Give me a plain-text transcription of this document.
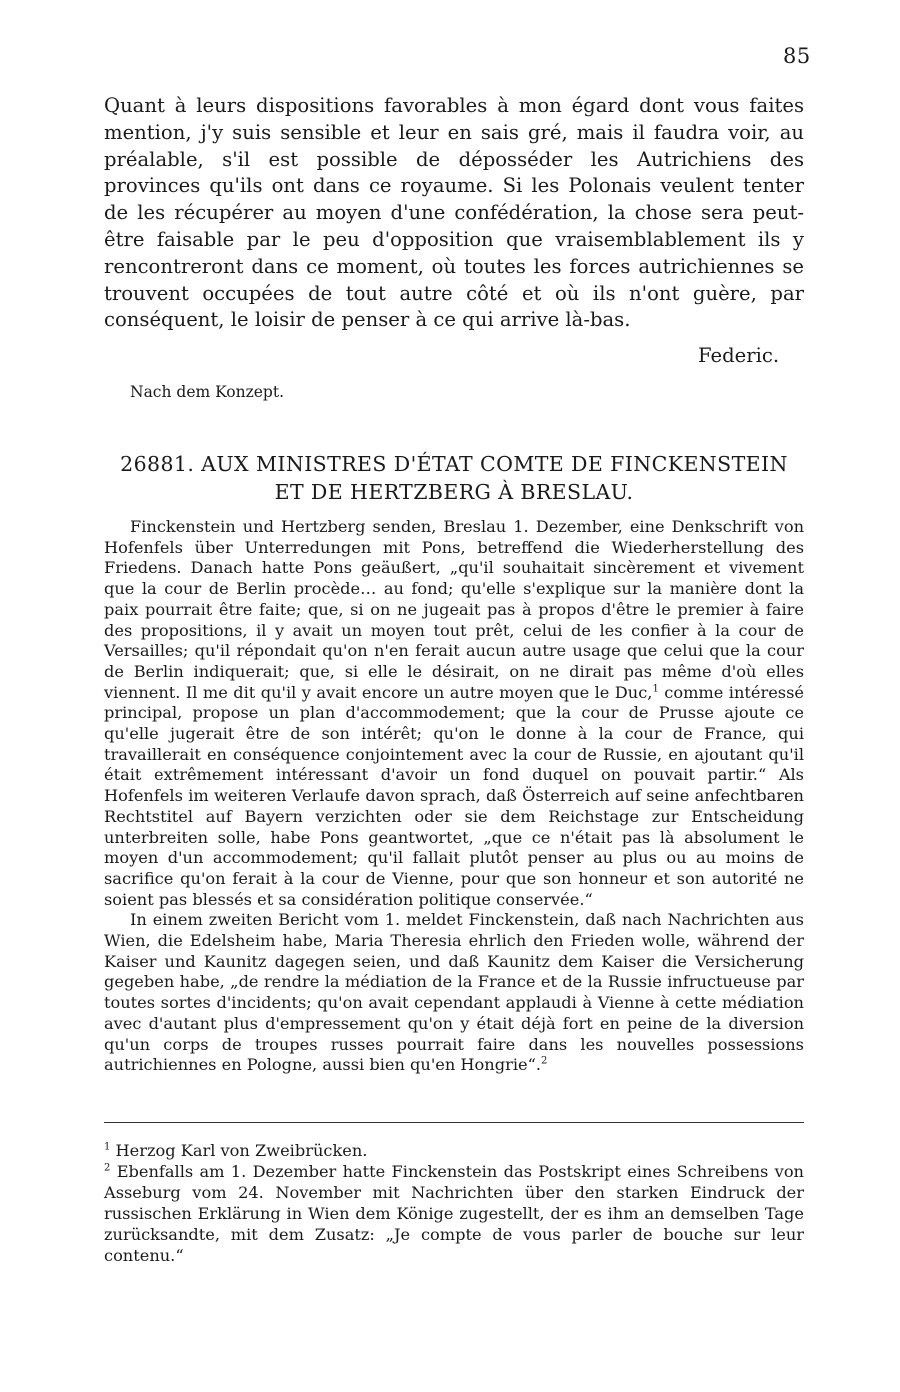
85

Quant à leurs dispositions favorables à mon égard dont vous faites mention, j'y suis sensible et leur en sais gré, mais il faudra voir, au préalable, s'il est possible de déposséder les Autrichiens des provinces qu'ils ont dans ce royaume. Si les Polonais veulent tenter de les récupérer au moyen d'une confédération, la chose sera peut-être faisable par le peu d'opposition que vraisemblablement ils y rencontreront dans ce moment, où toutes les forces autrichiennes se trouvent occupées de tout autre côté et où ils n'ont guère, par conséquent, le loisir de penser à ce qui arrive là-bas.

Federic.
Nach dem Konzept.
26881. AUX MINISTRES D'ÉTAT COMTE DE FINCKENSTEIN ET DE HERTZBERG À BRESLAU.

Finckenstein und Hertzberg senden, Breslau 1. Dezember, eine Denkschrift von Hofenfels über Unterredungen mit Pons, betreffend die Wiederherstellung des Friedens. Danach hatte Pons geäußert, „qu'il souhaitait sincèrement et vivement que la cour de Berlin procède… au fond; qu'elle s'explique sur la manière dont la paix pourrait être faite; que, si on ne jugeait pas à propos d'être le premier à faire des propositions, il y avait un moyen tout prêt, celui de les confier à la cour de Versailles; qu'il répondait qu'on n'en ferait aucun autre usage que celui que la cour de Berlin indiquerait; que, si elle le désirait, on ne dirait pas même d'où elles viennent. Il me dit qu'il y avait encore un autre moyen que le Duc,$^1$ comme intéressé principal, propose un plan d'accommodement; que la cour de Prusse ajoute ce qu'elle jugerait être de son intérêt; qu'on le donne à la cour de France, qui travaillerait en conséquence conjointement avec la cour de Russie, en ajoutant qu'il était extrêmement intéressant d'avoir un fond duquel on pouvait partir.“ Als Hofenfels im weiteren Verlaufe davon sprach, daß Österreich auf seine anfechtbaren Rechtstitel auf Bayern verzichten oder sie dem Reichstage zur Entscheidung unterbreiten solle, habe Pons geantwortet, „que ce n'était pas là absolument le moyen d'un accommodement; qu'il fallait plutôt penser au plus ou au moins de sacrifice qu'on ferait à la cour de Vienne, pour que son honneur et son autorité ne soient pas blessés et sa considération politique conservée.“

In einem zweiten Bericht vom 1. meldet Finckenstein, daß nach Nachrichten aus Wien, die Edelsheim habe, Maria Theresia ehrlich den Frieden wolle, während der Kaiser und Kaunitz dagegen seien, und daß Kaunitz dem Kaiser die Versicherung gegeben habe, „de rendre la médiation de la France et de la Russie infructueuse par toutes sortes d'incidents; qu'on avait cependant applaudi à Vienne à cette médiation avec d'autant plus d'empressement qu'on y était déjà fort en peine de la diversion qu'un corps de troupes russes pourrait faire dans les nouvelles possessions autrichiennes en Pologne, aussi bien qu'en Hongrie“.$^2$

$^1$ Herzog Karl von Zweibrücken.

$^2$ Ebenfalls am 1. Dezember hatte Finckenstein das Postskript eines Schreibens von Asseburg vom 24. November mit Nachrichten über den starken Eindruck der russischen Erklärung in Wien dem Könige zugestellt, der es ihm an demselben Tage zurücksandte, mit dem Zusatz: „Je compte de vous parler de bouche sur leur contenu.“
